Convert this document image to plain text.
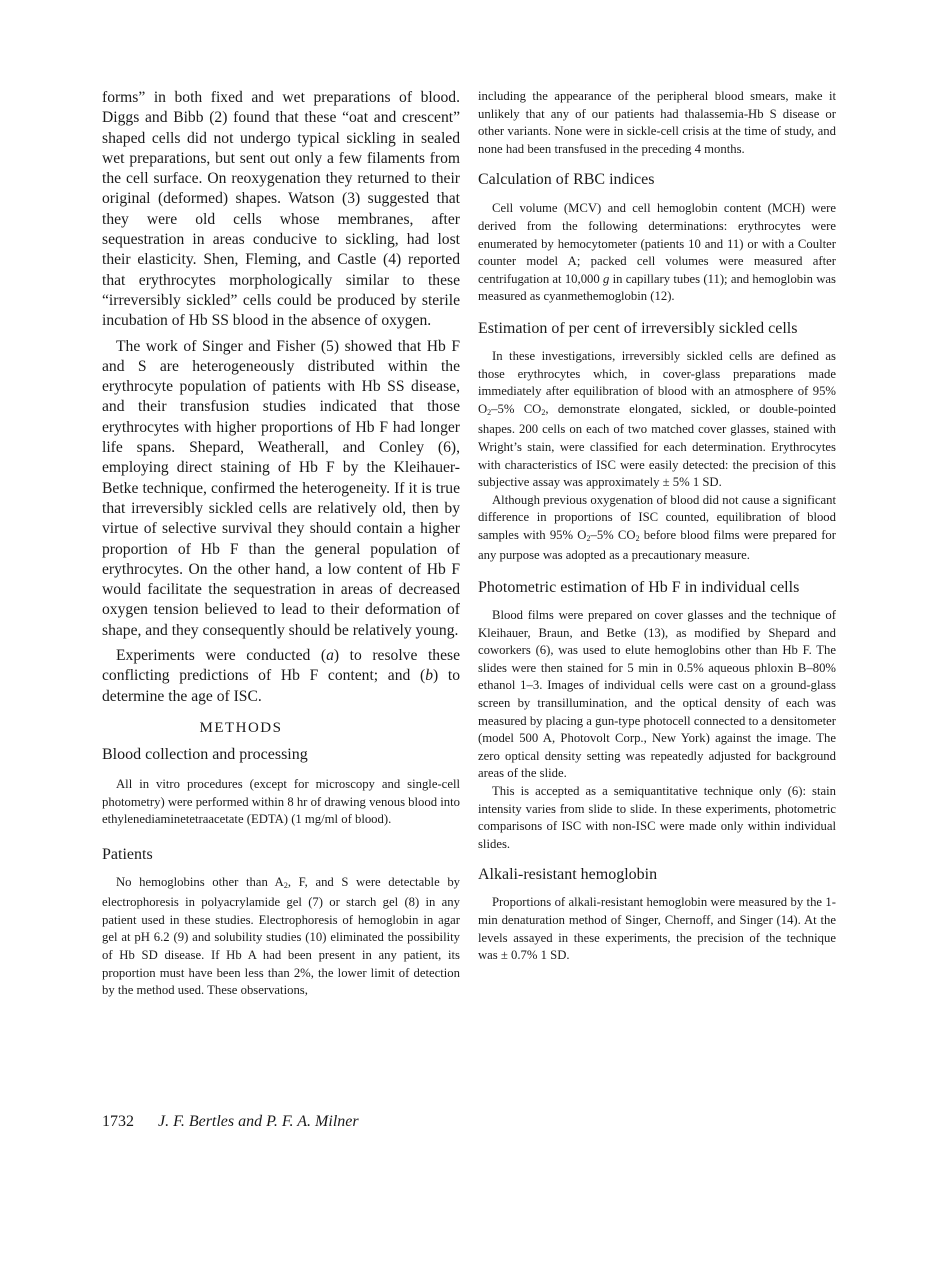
forms” in both fixed and wet preparations of blood. Diggs and Bibb (2) found that these “oat and crescent” shaped cells did not undergo typical sickling in sealed wet preparations, but sent out only a few filaments from the cell surface. On reoxygenation they returned to their original (deformed) shapes. Watson (3) suggested that they were old cells whose membranes, after sequestration in areas conducive to sickling, had lost their elasticity. Shen, Fleming, and Castle (4) reported that erythrocytes morphologically similar to these “irreversibly sickled” cells could be produced by sterile incubation of Hb SS blood in the absence of oxygen.

The work of Singer and Fisher (5) showed that Hb F and S are heterogeneously distributed within the erythrocyte population of patients with Hb SS disease, and their transfusion studies indicated that those erythrocytes with higher proportions of Hb F had longer life spans. Shepard, Weatherall, and Conley (6), employing direct staining of Hb F by the Kleihauer-Betke technique, confirmed the heterogeneity. If it is true that irreversibly sickled cells are relatively old, then by virtue of selective survival they should contain a higher proportion of Hb F than the general population of erythrocytes. On the other hand, a low content of Hb F would facilitate the sequestration in areas of decreased oxygen tension believed to lead to their deformation of shape, and they consequently should be relatively young.

Experiments were conducted (a) to resolve these conflicting predictions of Hb F content; and (b) to determine the age of ISC.

METHODS
Blood collection and processing

All in vitro procedures (except for microscopy and single-cell photometry) were performed within 8 hr of drawing venous blood into ethylenediaminetetraacetate (EDTA) (1 mg/ml of blood).

Patients

No hemoglobins other than $A_2$, F, and S were detectable by electrophoresis in polyacrylamide gel (7) or starch gel (8) in any patient used in these studies. Electrophoresis of hemoglobin in agar gel at pH 6.2 (9) and solubility studies (10) eliminated the possibility of Hb SD disease. If Hb A had been present in any patient, its proportion must have been less than 2%, the lower limit of detection by the method used. These observations,

including the appearance of the peripheral blood smears, make it unlikely that any of our patients had thalassemia-Hb S disease or other variants. None were in sickle-cell crisis at the time of study, and none had been transfused in the preceding 4 months.

Calculation of RBC indices

Cell volume (MCV) and cell hemoglobin content (MCH) were derived from the following determinations: erythrocytes were enumerated by hemocytometer (patients 10 and 11) or with a Coulter counter model A; packed cell volumes were measured after centrifugation at 10,000 g in capillary tubes (11); and hemoglobin was measured as cyanmethemoglobin (12).

Estimation of per cent of irreversibly sickled cells

In these investigations, irreversibly sickled cells are defined as those erythrocytes which, in cover-glass preparations made immediately after equilibration of blood with an atmosphere of 95% $O_2-5\%$ $CO_2$, demonstrate elongated, sickled, or double-pointed shapes. 200 cells on each of two matched cover glasses, stained with Wright’s stain, were classified for each determination. Erythrocytes with characteristics of ISC were easily detected: the precision of this subjective assay was approximately ± 5% 1 SD.

Although previous oxygenation of blood did not cause a significant difference in proportions of ISC counted, equilibration of blood samples with 95% $O_2-5\%$ $CO_2$ before blood films were prepared for any purpose was adopted as a precautionary measure.

Photometric estimation of Hb F in individual cells

Blood films were prepared on cover glasses and the technique of Kleihauer, Braun, and Betke (13), as modified by Shepard and coworkers (6), was used to elute hemoglobins other than Hb F. The slides were then stained for 5 min in 0.5% aqueous phloxin B–80% ethanol 1–3. Images of individual cells were cast on a ground-glass screen by transillumination, and the optical density of each was measured by placing a gun-type photocell connected to a densitometer (model 500 A, Photovolt Corp., New York) against the image. The zero optical density setting was repeatedly adjusted for background areas of the slide.

This is accepted as a semiquantitative technique only (6): stain intensity varies from slide to slide. In these experiments, photometric comparisons of ISC with non-ISC were made only within individual slides.

Alkali-resistant hemoglobin

Proportions of alkali-resistant hemoglobin were measured by the 1-min denaturation method of Singer, Chernoff, and Singer (14). At the levels assayed in these experiments, the precision of the technique was ± 0.7% 1 SD.

1732 J. F. Bertles and P. F. A. Milner
